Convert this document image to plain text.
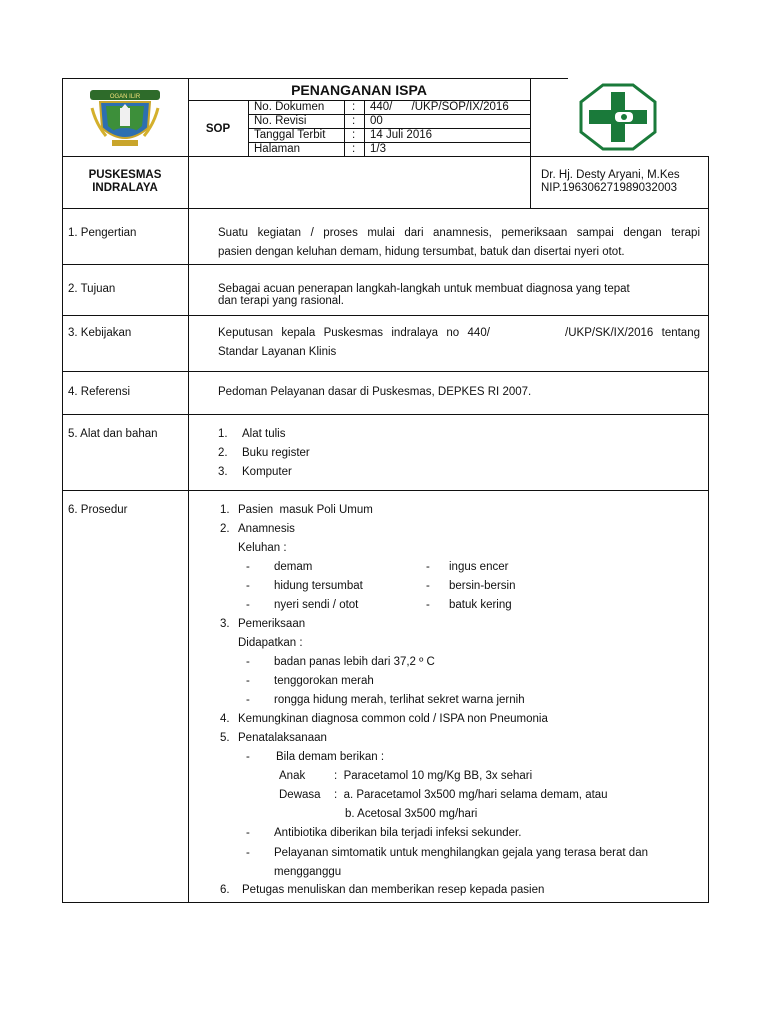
OGAN ILIR	PENANGANAN ISPA
SOP
No. Dokumen : 440/      /UKP/SOP/IX/2016
No. Revisi	: 00
Tanggal Terbit : 14 Juli 2016
Halaman	: 1/3
PUSKESMAS
INDRALAYA
Dr. Hj. Desty Aryani, M.Kes
NIP.196306271989032003
1. Pengertian	Suatu kegiatan / proses mulai dari anamnesis, pemeriksaan sampai dengan terapi
pasien dengan keluhan demam, hidung tersumbat, batuk dan disertai nyeri otot.
2. Tujuan	Sebagai acuan penerapan langkah-langkah untuk membuat diagnosa yang tepat
dan terapi yang rasional.
3. Kebijakan	Keputusan kepala Puskesmas indralaya no 440/         /UKP/SK/IX/2016 tentang
Standar Layanan Klinis
4. Referensi	Pedoman Pelayanan dasar di Puskesmas, DEPKES RI 2007.
5. Alat dan bahan	1. Alat tulis
2. Buku register
3. Komputer
6. Prosedur	1. Pasien  masuk Poli Umum
2. Anamnesis
Keluhan :
- demam	- ingus encer
- hidung tersumbat	- bersin-bersin
- nyeri sendi / otot	- batuk kering
3. Pemeriksaan
Didapatkan :
- badan panas lebih dari 37,2 º C
- tenggorokan merah
- rongga hidung merah, terlihat sekret warna jernih
4. Kemungkinan diagnosa common cold / ISPA non Pneumonia
5. Penatalaksanaan
- Bila demam berikan :
Anak	:  Paracetamol 10 mg/Kg BB, 3x sehari
Dewasa :  a. Paracetamol 3x500 mg/hari selama demam, atau
b. Acetosal 3x500 mg/hari
- Antibiotika diberikan bila terjadi infeksi sekunder.
- Pelayanan simtomatik untuk menghilangkan gejala yang terasa berat dan
mengganggu
6. Petugas menuliskan dan memberikan resep kepada pasien
